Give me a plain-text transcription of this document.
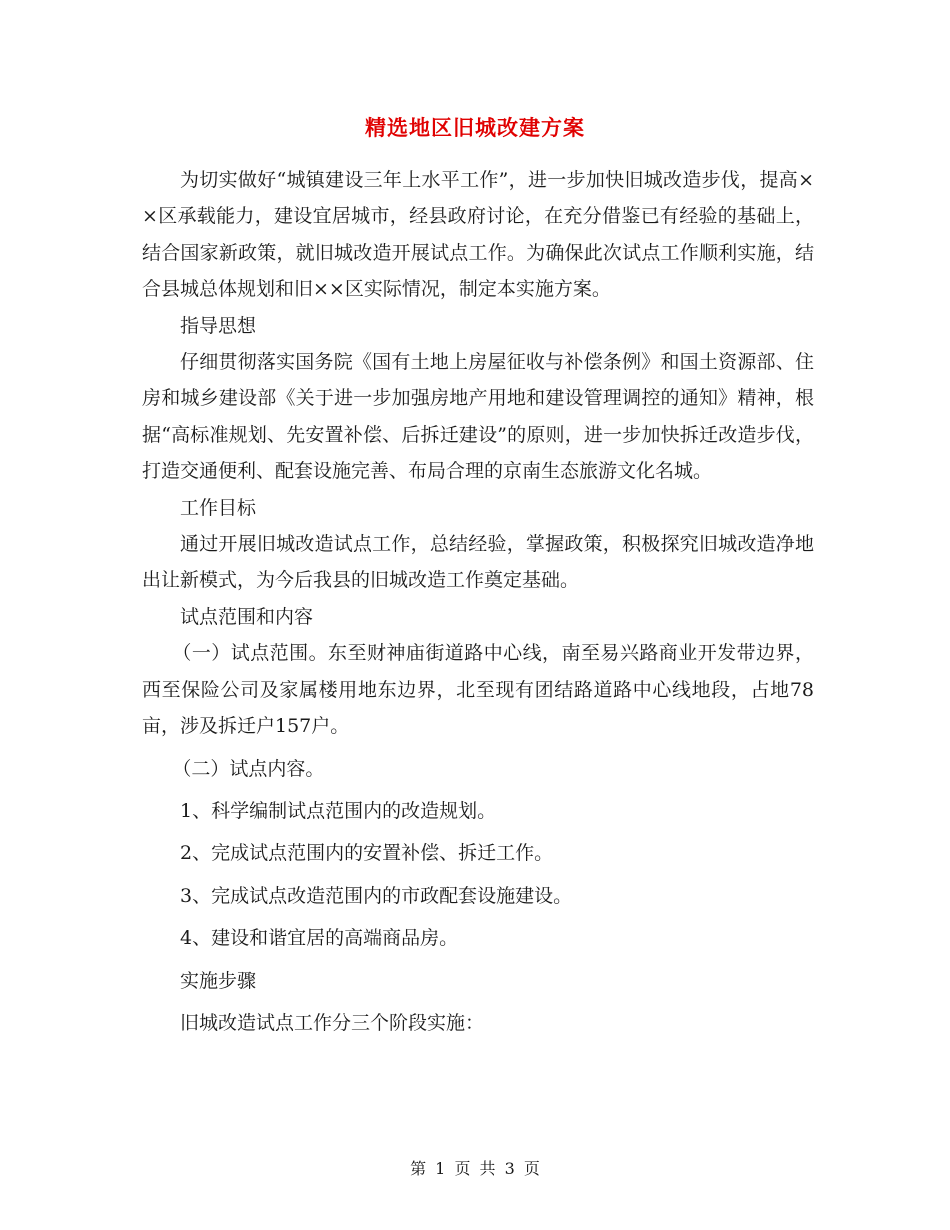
精选地区旧城改建方案

为切实做好“城镇建设三年上水平工作”，进一步加快旧城改造步伐，提高××区承载能力，建设宜居城市，经县政府讨论，在充分借鉴已有经验的基础上，结合国家新政策，就旧城改造开展试点工作。为确保此次试点工作顺利实施，结合县城总体规划和旧××区实际情况，制定本实施方案。

指导思想

仔细贯彻落实国务院《国有土地上房屋征收与补偿条例》和国土资源部、住房和城乡建设部《关于进一步加强房地产用地和建设管理调控的通知》精神，根据“高标准规划、先安置补偿、后拆迁建设”的原则，进一步加快拆迁改造步伐，打造交通便利、配套设施完善、布局合理的京南生态旅游文化名城。

工作目标

通过开展旧城改造试点工作，总结经验，掌握政策，积极探究旧城改造净地出让新模式，为今后我县的旧城改造工作奠定基础。

试点范围和内容

（一）试点范围。东至财神庙街道路中心线，南至易兴路商业开发带边界，西至保险公司及家属楼用地东边界，北至现有团结路道路中心线地段，占地78亩，涉及拆迁户157户。

（二）试点内容。

1、科学编制试点范围内的改造规划。

2、完成试点范围内的安置补偿、拆迁工作。

3、完成试点改造范围内的市政配套设施建设。

4、建设和谐宜居的高端商品房。

实施步骤

旧城改造试点工作分三个阶段实施：

第 1 页 共 3 页
